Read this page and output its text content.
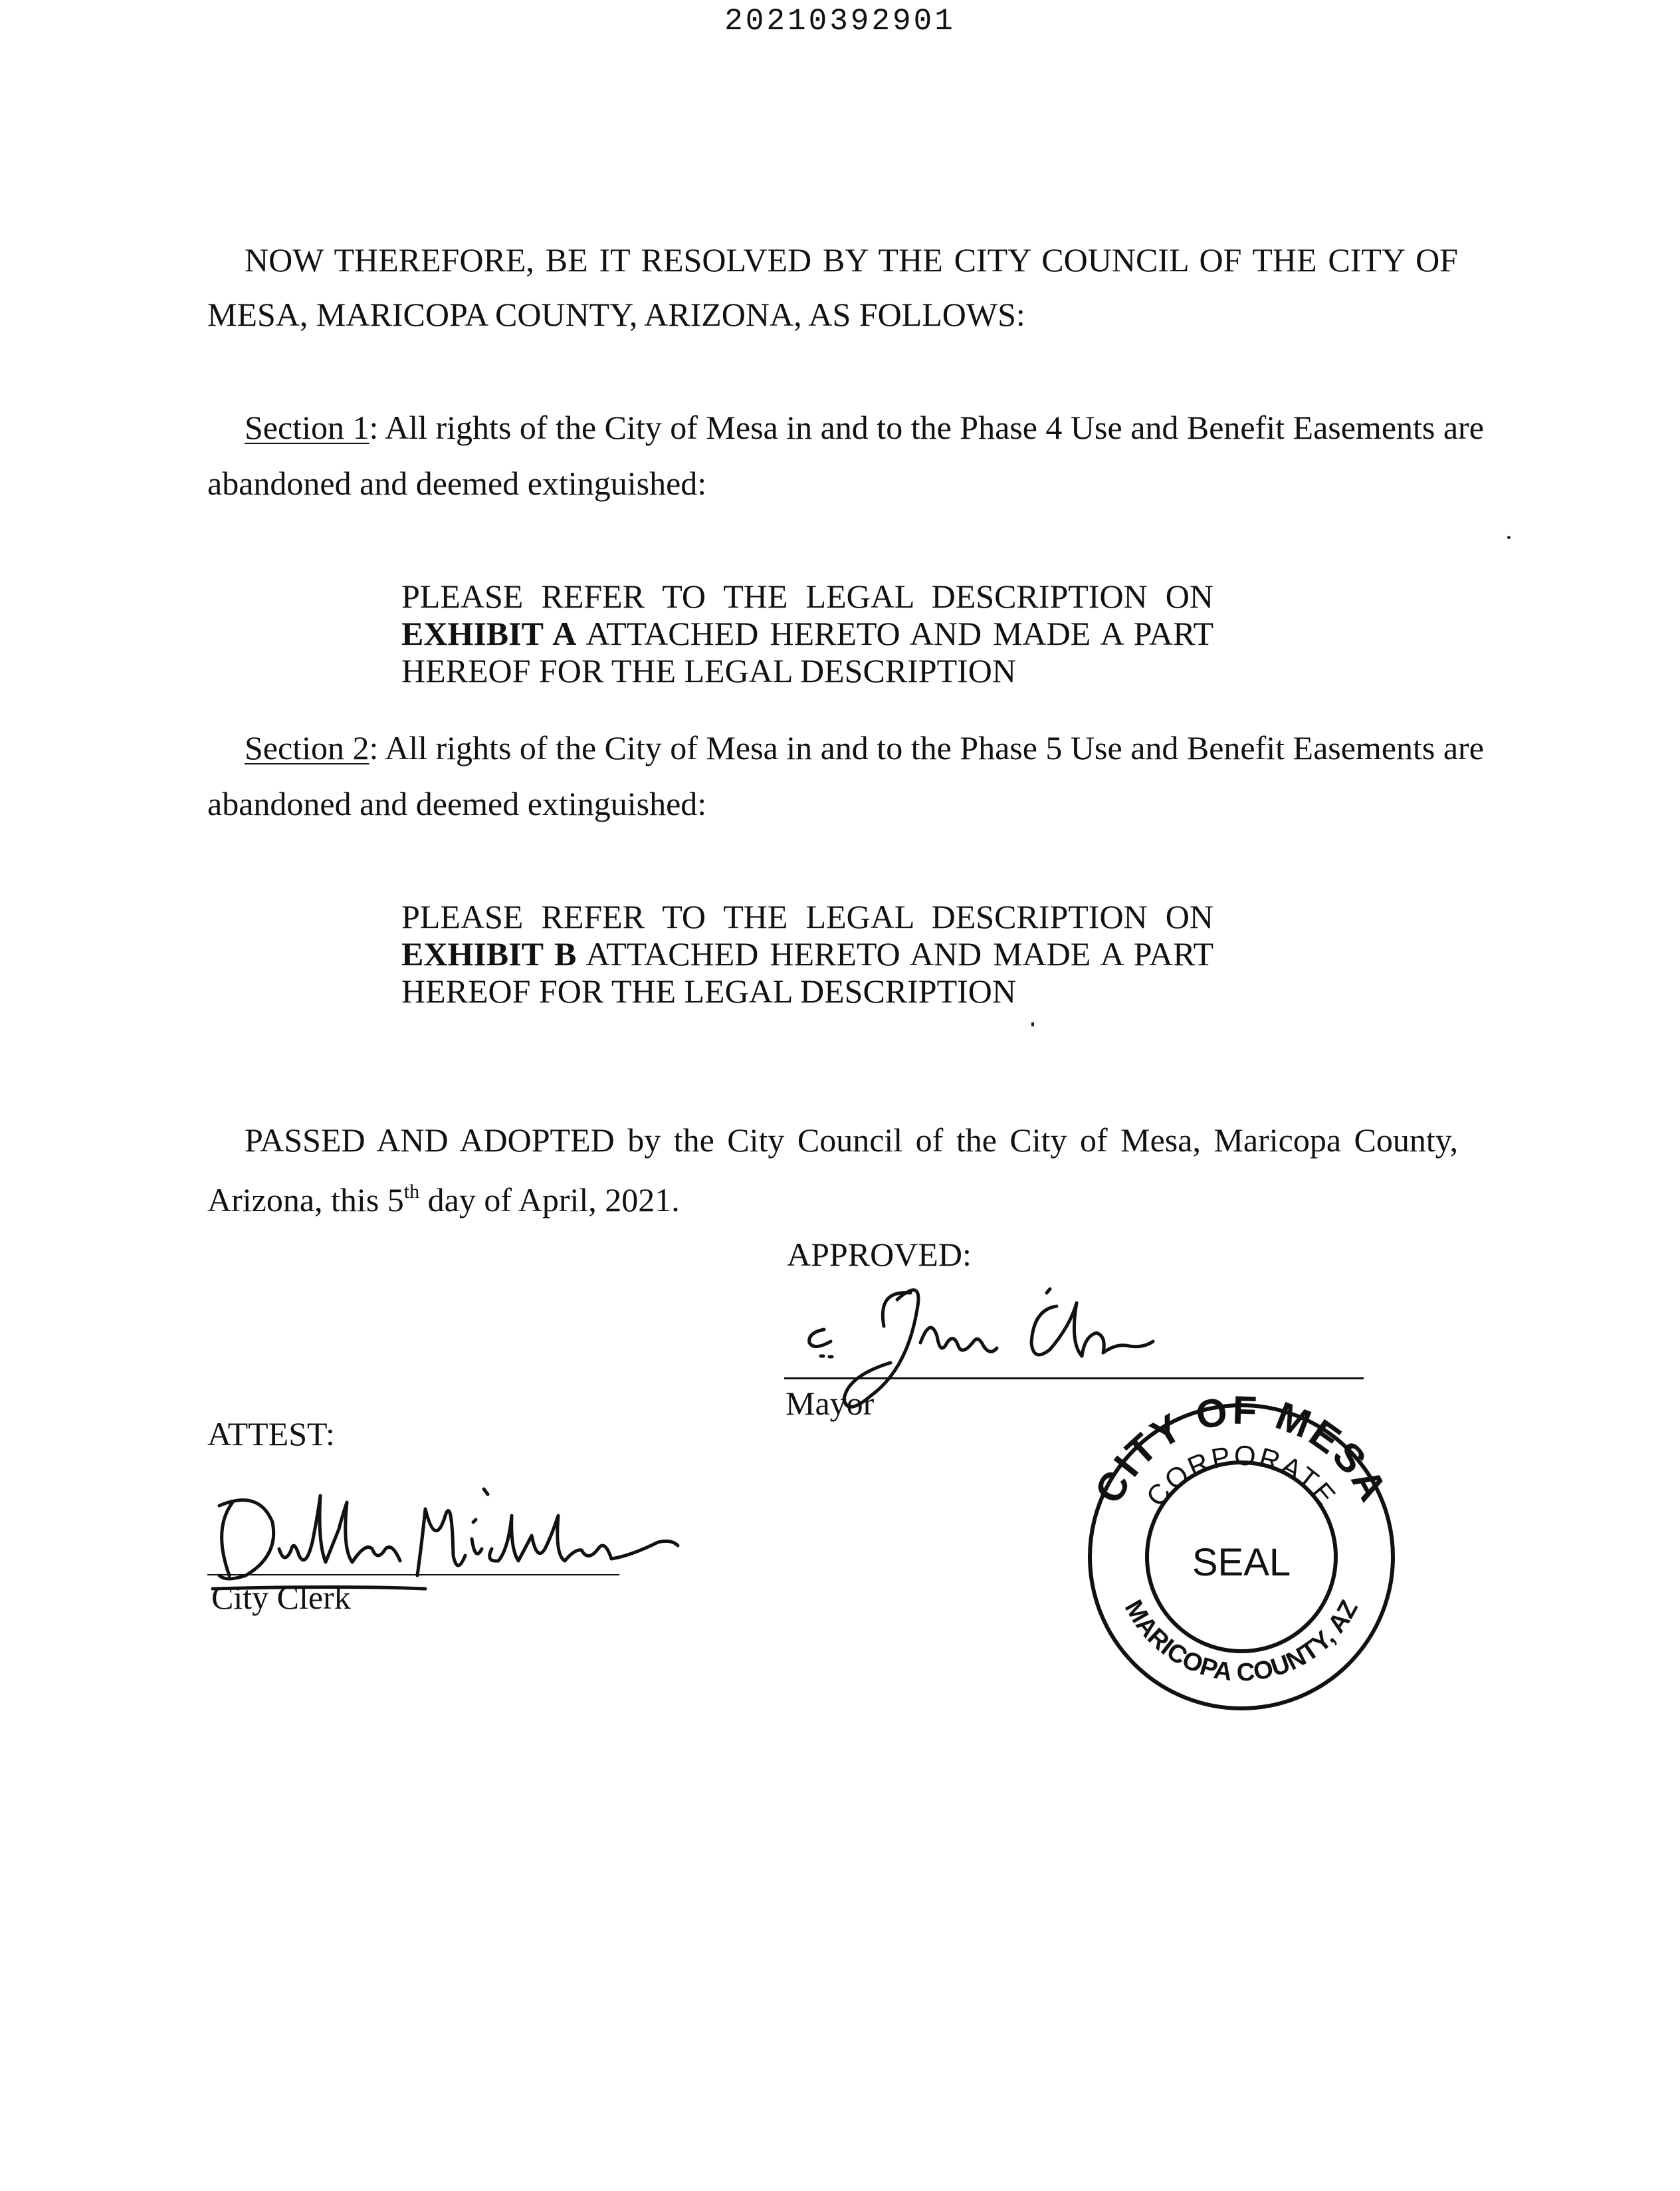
20210392901
NOW THEREFORE, BE IT RESOLVED BY THE CITY COUNCIL OF THE CITY OF
MESA, MARICOPA COUNTY, ARIZONA, AS FOLLOWS:
Section 1: All rights of the City of Mesa in and to the Phase 4 Use and Benefit Easements are
abandoned and deemed extinguished:
PLEASE REFER TO THE LEGAL DESCRIPTION ON
EXHIBIT A ATTACHED HERETO AND MADE A PART
HEREOF FOR THE LEGAL DESCRIPTION
Section 2: All rights of the City of Mesa in and to the Phase 5 Use and Benefit Easements are
abandoned and deemed extinguished:
PLEASE REFER TO THE LEGAL DESCRIPTION ON
EXHIBIT B ATTACHED HERETO AND MADE A PART
HEREOF FOR THE LEGAL DESCRIPTION
PASSED AND ADOPTED by the City Council of the City of Mesa, Maricopa County,
Arizona, this 5th day of April, 2021.
APPROVED:
Mayor
ATTEST:
City Clerk
CITY OF MESA
CORPORATE
MARICOPA COUNTY, AZ
SEAL
